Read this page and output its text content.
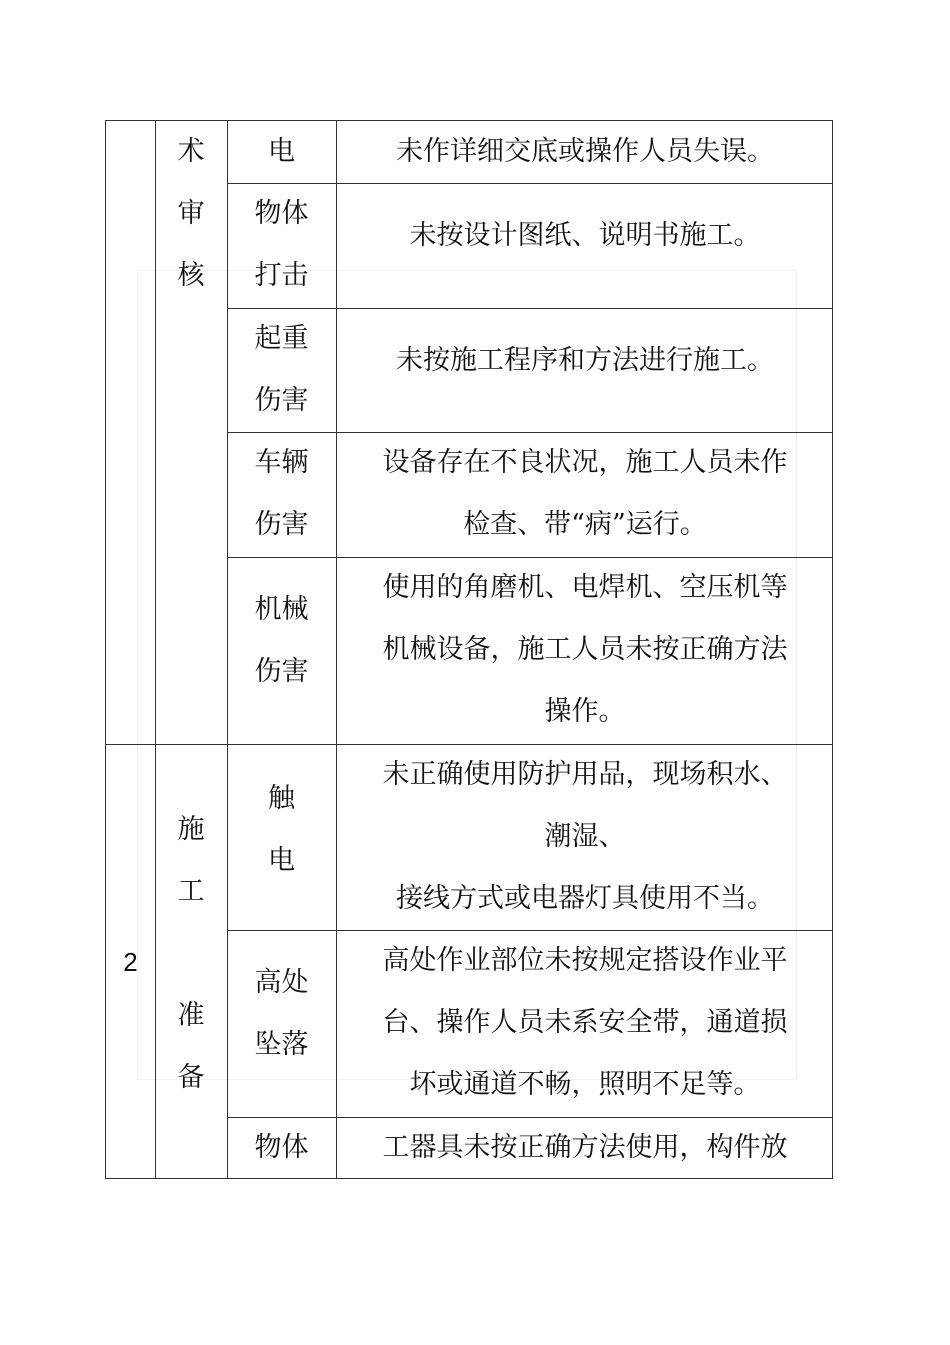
术
审
核
电	未作详细交底或操作人员失误。
物体
打击
未按设计图纸、说明书施工。
起重
伤害
未按施工程序和方法进行施工。
车辆
伤害
设备存在不良状况，施工人员未作
检查、带“病”运行。
机械
伤害
使用的角磨机、电焊机、空压机等
机械设备，施工人员未按正确方法
操作。
2
施
工
准
备
触
电
未正确使用防护用品，现场积水、
潮湿、
接线方式或电器灯具使用不当。
高处
坠落
高处作业部位未按规定搭设作业平
台、操作人员未系安全带，通道损
坏或通道不畅，照明不足等。
物体	工器具未按正确方法使用，构件放
